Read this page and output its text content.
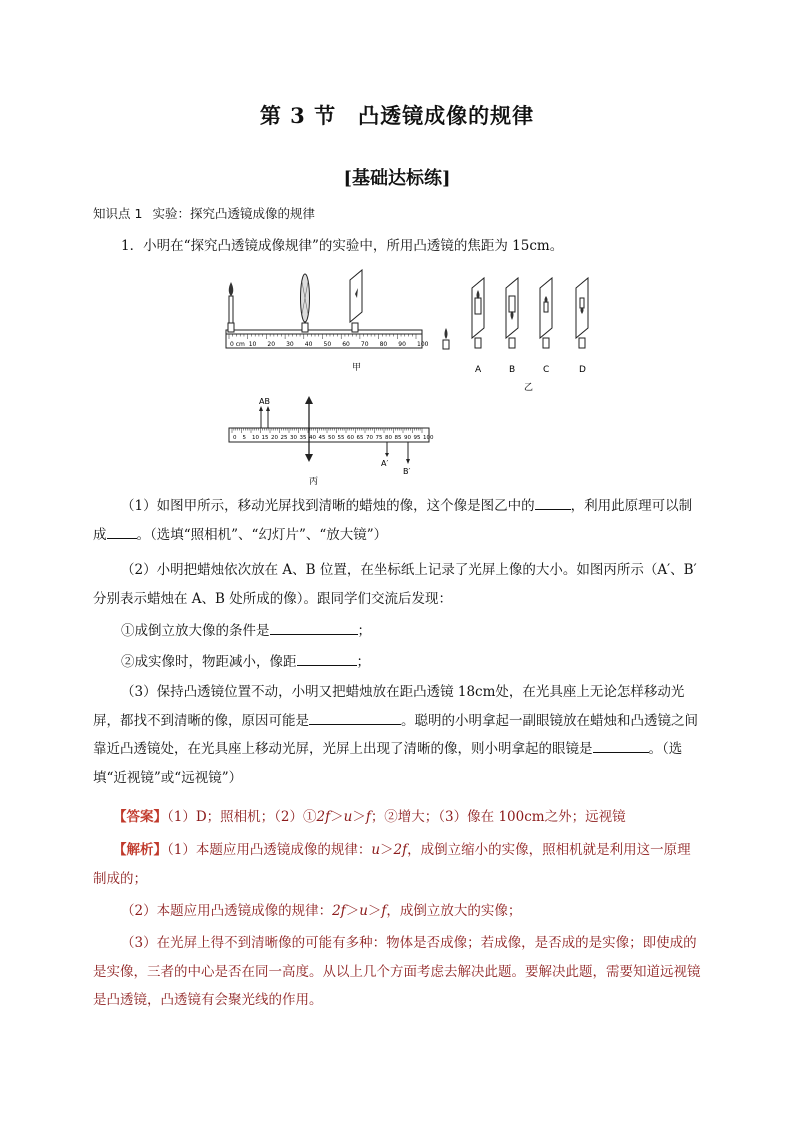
第 3 节 凸透镜成像的规律
[基础达标练]
知识点 1 实验：探究凸透镜成像的规律
1．小明在“探究凸透镜成像规律”的实验中，所用凸透镜的焦距为 15cm。
0 cm 10 20 30 40 50 60 70 80 90 100
甲	A	B	C	D
乙
0 5 10 15 20 25 30 35 40 45 50 55 60 65 70 75 80 85 90 95 100
AB
A′
B′
丙
（1）如图甲所示，移动光屏找到清晰的蜡烛的像，这个像是图乙中的	，利用此原理可以制成 。（选填“照相机”、“幻灯片”、“放大镜”）
（2）小明把蜡烛依次放在 A、B 位置，在坐标纸上记录了光屏上像的大小。如图丙所示（A′、B′分别表示蜡烛在 A、B 处所成的像）。跟同学们交流后发现：
①成倒立放大像的条件是	；
②成实像时，物距减小，像距	；
（3）保持凸透镜位置不动，小明又把蜡烛放在距凸透镜 18cm处，在光具座上无论怎样移动光屏，都找不到清晰的像，原因可能是	。聪明的小明拿起一副眼镜放在蜡烛和凸透镜之间靠近凸透镜处，在光具座上移动光屏，光屏上出现了清晰的像，则小明拿起的眼镜是	。（选填“近视镜”或“远视镜”）
【答案】（1）D；照相机；（2）①2f＞u＞f；②增大；（3）像在 100cm之外；远视镜
【解析】（1）本题应用凸透镜成像的规律：u＞2f，成倒立缩小的实像，照相机就是利用这一原理制成的；
（2）本题应用凸透镜成像的规律：2f＞u＞f，成倒立放大的实像；
（3）在光屏上得不到清晰像的可能有多种：物体是否成像；若成像，是否成的是实像；即使成的是实像，三者的中心是否在同一高度。从以上几个方面考虑去解决此题。要解决此题，需要知道远视镜是凸透镜，凸透镜有会聚光线的作用。
